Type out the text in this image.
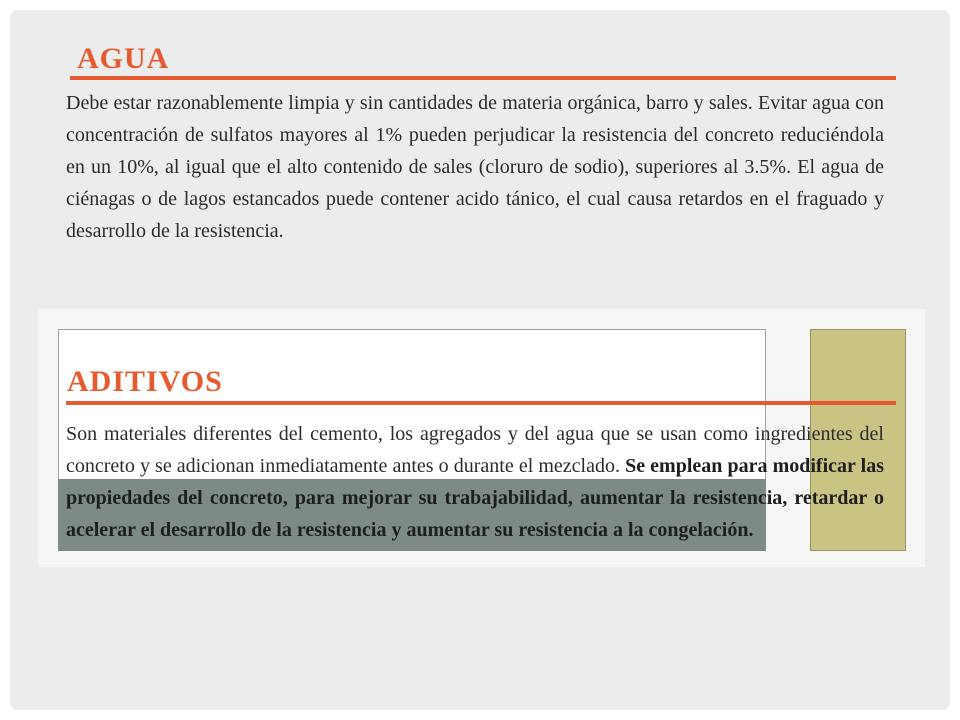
AGUA

Debe estar razonablemente limpia y sin cantidades de materia orgánica, barro y sales. Evitar agua con concentración de sulfatos mayores al 1% pueden perjudicar la resistencia del concreto reduciéndola en un 10%, al igual que el alto contenido de sales (cloruro de sodio), superiores al 3.5%. El agua de ciénagas o de lagos estancados puede contener acido tánico, el cual causa retardos en el fraguado y desarrollo de la resistencia.

ADITIVOS

Son materiales diferentes del cemento, los agregados y del agua que se usan como ingredientes del concreto y se adicionan inmediatamente antes o durante el mezclado. Se emplean para modificar las propiedades del concreto, para mejorar su trabajabilidad, aumentar la resistencia, retardar o acelerar el desarrollo de la resistencia y aumentar su resistencia a la congelación.
